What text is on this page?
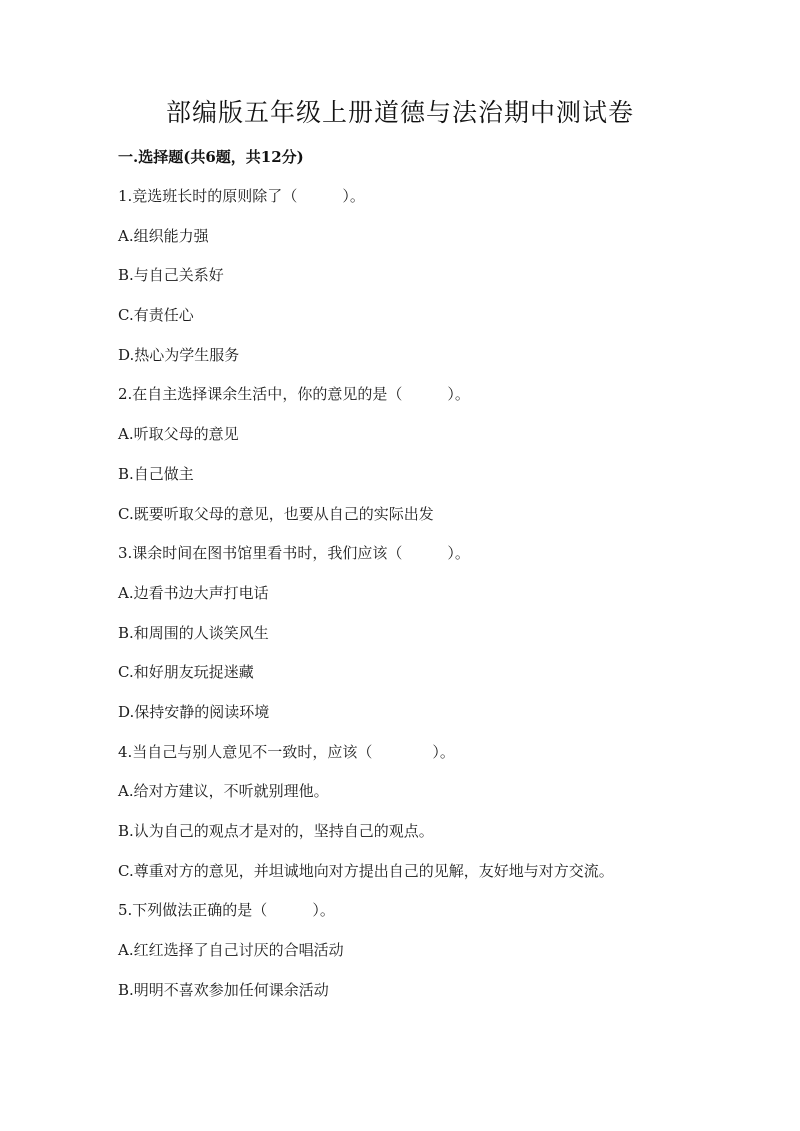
部编版五年级上册道德与法治期中测试卷
一.选择题(共6题，共12分)
1.竞选班长时的原则除了（　　　）。
A.组织能力强
B.与自己关系好
C.有责任心
D.热心为学生服务
2.在自主选择课余生活中，你的意见的是（　　　）。
A.听取父母的意见
B.自己做主
C.既要听取父母的意见，也要从自己的实际出发
3.课余时间在图书馆里看书时，我们应该（　　　）。
A.边看书边大声打电话
B.和周围的人谈笑风生
C.和好朋友玩捉迷藏
D.保持安静的阅读环境
4.当自己与别人意见不一致时，应该（　　　　）。
A.给对方建议，不听就别理他。
B.认为自己的观点才是对的，坚持自己的观点。
C.尊重对方的意见，并坦诚地向对方提出自己的见解，友好地与对方交流。
5.下列做法正确的是（　　　）。
A.红红选择了自己讨厌的合唱活动
B.明明不喜欢参加任何课余活动
